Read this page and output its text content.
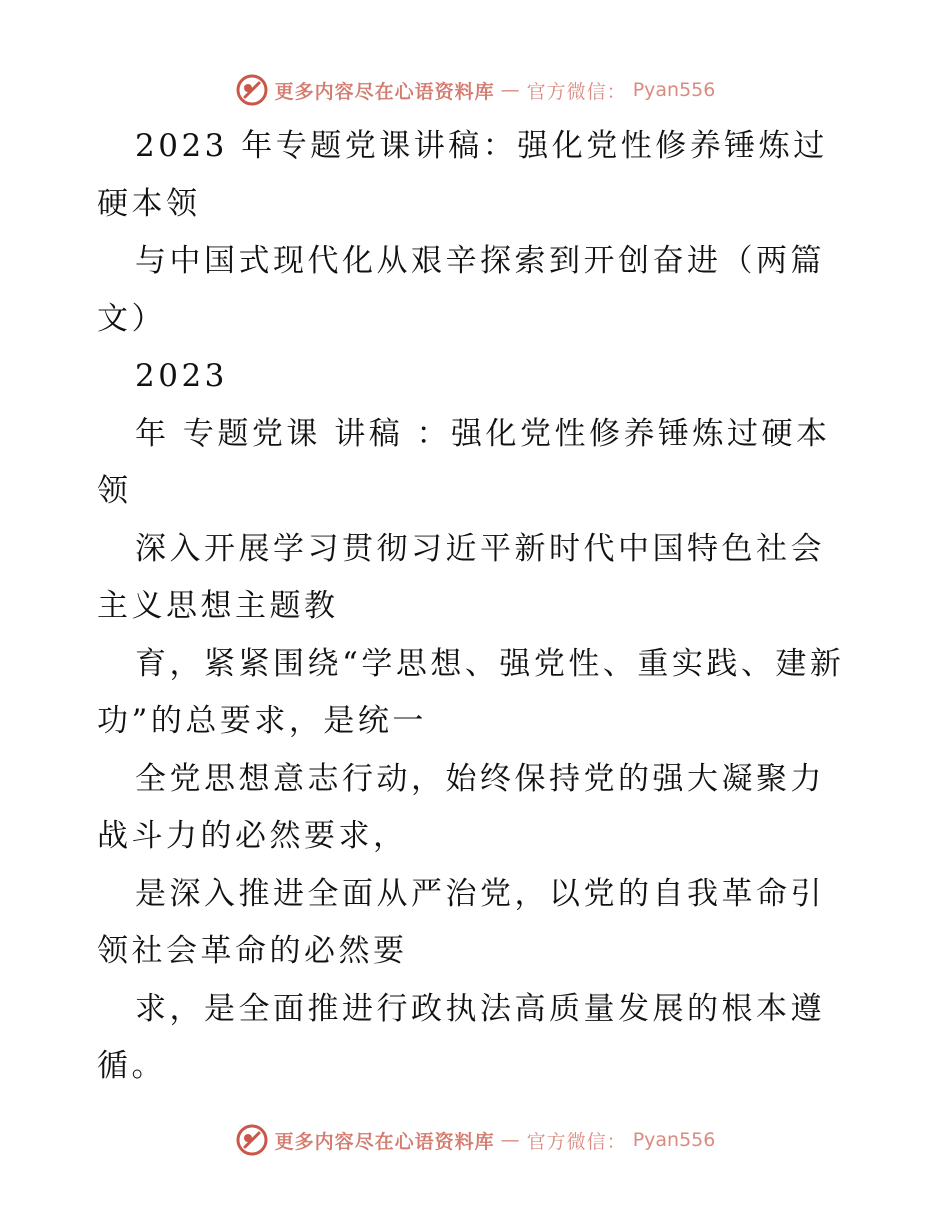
更多内容尽在心语资料库 — 官方微信： Pyan556

2023 年专题党课讲稿：强化党性修养锤炼过硬本领

与中国式现代化从艰辛探索到开创奋进（两篇文）

2023

年 专题党课 讲稿 ：强化党性修养锤炼过硬本领

深入开展学习贯彻习近平新时代中国特色社会主义思想主题教

育，紧紧围绕“学思想、强党性、重实践、建新功”的总要求，是统一

全党思想意志行动，始终保持党的强大凝聚力战斗力的必然要求，

是深入推进全面从严治党，以党的自我革命引领社会革命的必然要

求，是全面推进行政执法高质量发展的根本遵循。

更多内容尽在心语资料库 — 官方微信： Pyan556
